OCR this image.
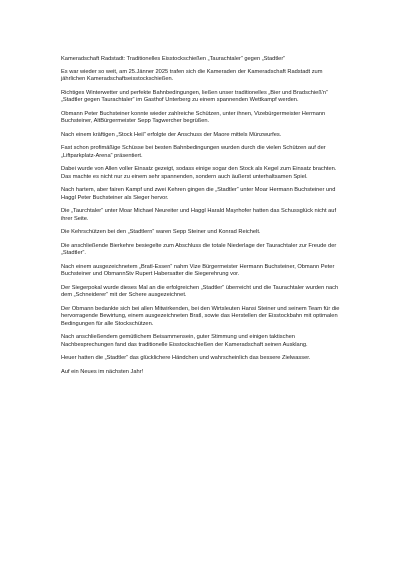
Kameradschaft Radstadt: Traditionelles Eisstockschießen „Taurachtaler“ gegen „Stadtler“

Es war wieder so weit, am 25.Jänner 2025 trafen sich die Kameraden der Kameradschaft Radstadt zum jährlichen Kameradschaftseisstockschießen.

Richtiges Winterwetter und perfekte Bahnbedingungen, ließen unser traditionelles „Bier und Bradschieß'n“ „Stadtler gegen Taurachtaler“ im Gasthof Unterberg zu einem spannenden Wettkampf werden.

Obmann Peter Buchsteiner konnte wieder zahlreiche Schützen, unter ihnen, Vizebürgermeister Hermann Buchsteiner, AltBürgermeister Sepp Tagwercher begrüßen.

Nach einem kräftigen „Stock Heil“ erfolgte der Anschuss der Maore mittels Münzwurfes.

Fast schon profimäßige Schüsse bei besten Bahnbedingungen wurden durch die vielen Schützen auf der „Liftparkplatz-Arena“ präsentiert.

Dabei wurde von Allen voller Einsatz gezeigt, sodass einige sogar den Stock als Kegel zum Einsatz brachten. Das machte es nicht nur zu einem sehr spannenden, sondern auch äußerst unterhaltsamen Spiel.

Nach hartem, aber fairen Kampf und zwei Kehren gingen die „Stadtler“ unter Moar Hermann Buchsteiner und Haggl Peter Buchsteiner als Sieger hervor.

Die „Taurchtaler“ unter Moar Michael Neureiter und Haggl Harald Mayrhofer hatten das Schussglück nicht auf ihrer Seite.

Die Kehrschützen bei den „Stadtlern“ waren Sepp Steiner und Konrad Reichelt.

Die anschließende Bierkehre besiegelte zum Abschluss die totale Niederlage der Taurachtaler zur Freude der „Stadtler“.

Nach einem ausgezeichnetem „Bratl-Essen“ nahm Vize Bürgermeister Hermann Buchsteiner, Obmann Peter Buchsteiner und ObmannStv Rupert Habersatter die Siegerehrung vor.

Der Siegerpokal wurde dieses Mal an die erfolgreichen „Stadtler“ überreicht und die Taurachtaler wurden nach dem „Schneiderer“ mit der Schere ausgezeichnet.

Der Obmann bedankte sich bei allen Mitwirkenden, bei den Wirtsleuten Hansi Steiner und seinem Team für die hervorragende Bewirtung, einem ausgezeichneten Bratl, sowie das Herstellen der Eisstockbahn mit optimalen Bedingungen für alle Stockschützen.

Nach anschließendem gemütlichem Beisammensein, guter Stimmung und einigen taktischen Nachbesprechungen fand das traditionelle Eisstockschießen der Kameradschaft seinen Ausklang.

Heuer hatten die „Stadtler“ das glücklichere Händchen und wahrscheinlich das bessere Zielwasser.

Auf ein Neues im nächsten Jahr!
